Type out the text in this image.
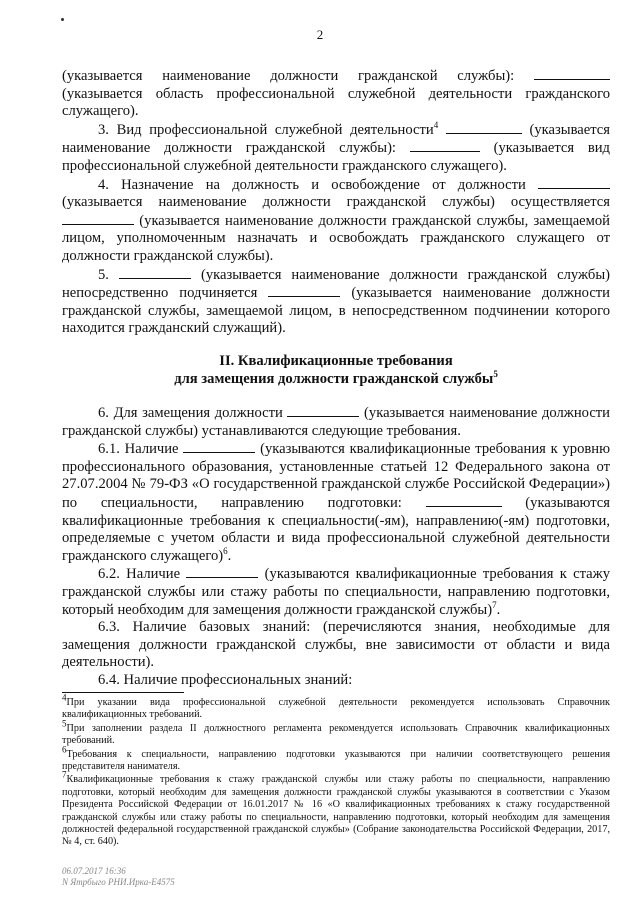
2

(указывается наименование должности гражданской службы):  (указывается область профессиональной служебной деятельности гражданского служащего).

3. Вид профессиональной служебной деятельности$^4$	(указывается наименование должности гражданской службы):	(указывается вид профессиональной служебной деятельности гражданского служащего).

4. Назначение на должность и освобождение от должности  (указывается наименование должности гражданской службы) осуществляется  (указывается наименование должности гражданской службы, замещаемой лицом, уполномоченным назначать и освобождать гражданского служащего от должности гражданской службы).

5.	(указывается наименование должности гражданской службы) непосредственно подчиняется	(указывается наименование должности гражданской службы, замещаемой лицом, в непосредственном подчинении которого находится гражданский служащий).

II. Квалификационные требования
для замещения должности гражданской службы$^5$

6. Для замещения должности	(указывается наименование должности гражданской службы) устанавливаются следующие требования.

6.1. Наличие	(указываются квалификационные требования к уровню профессионального образования, установленные статьей 12 Федерального закона от 27.07.2004 № 79-ФЗ «О государственной гражданской службе Российской Федерации») по специальности, направлению подготовки:	(указываются квалификационные требования к специальности(-ям), направлению(-ям) подготовки, определяемые с учетом области и вида профессиональной служебной деятельности гражданского служащего)$^6$.

6.2. Наличие	(указываются квалификационные требования к стажу гражданской службы или стажу работы по специальности, направлению подготовки, который необходим для замещения должности гражданской службы)$^7$.

6.3. Наличие базовых знаний: (перечисляются знания, необходимые для замещения должности гражданской службы, вне зависимости от области и вида деятельности).

6.4. Наличие профессиональных знаний:

$^4$При указании вида профессиональной служебной деятельности рекомендуется использовать Справочник квалификационных требований.

$^5$При заполнении раздела II должностного регламента рекомендуется использовать Справочник квалификационных требований.

$^6$Требования к специальности, направлению подготовки указываются при наличии соответствующего решения представителя нанимателя.

$^7$Квалификационные требования к стажу гражданской службы или стажу работы по специальности, направлению подготовки, который необходим для замещения должности гражданской службы указываются в соответствии с Указом Президента Российской Федерации от 16.01.2017 № 16 «О квалификационных требованиях к стажу государственной гражданской службы или стажу работы по специальности, направлению подготовки, который необходим для замещения должностей федеральной государственной гражданской службы» (Собрание законодательства Российской Федерации, 2017, № 4, ст. 640).

06.07.2017 16:36
N Ятрбыго РНИ.Ирка-Е4575
